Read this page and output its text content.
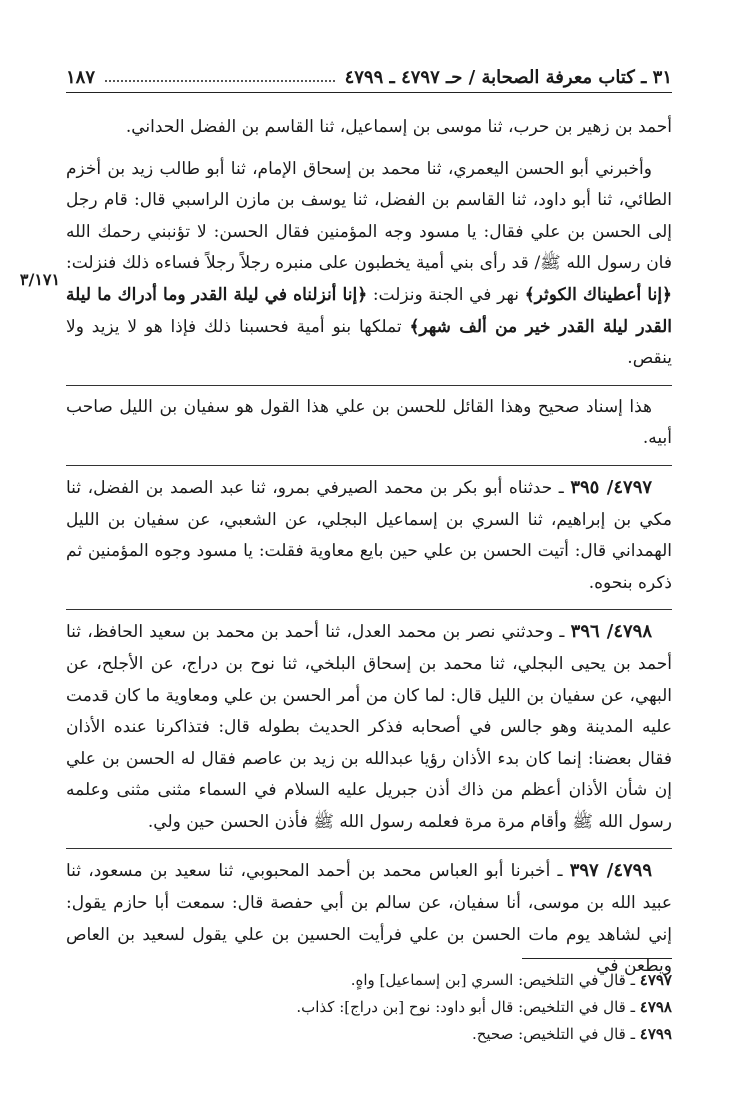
٣١ ـ كتاب معرفة الصحابة / حـ ٤٧٩٧ ـ ٤٧٩٩
١٨٧
٣/١٧١

أحمد بن زهير بن حرب، ثنا موسى بن إسماعيل، ثنا القاسم بن الفضل الحداني.

وأخبرني أبو الحسن اليعمري، ثنا محمد بن إسحاق الإمام، ثنا أبو طالب زيد بن أخزم الطائي، ثنا أبو داود، ثنا القاسم بن الفضل، ثنا يوسف بن مازن الراسبي قال: قام رجل إلى الحسن بن علي فقال: يا مسود وجه المؤمنين فقال الحسن: لا تؤنبني رحمك الله فان رسول الله ﷺ/ قد رأى بني أمية يخطبون على منبره رجلاً رجلاً فساءه ذلك فنزلت: ﴿إنا أعطيناك الكوثر﴾ نهر في الجنة ونزلت: ﴿إنا أنزلناه في ليلة القدر وما أدراك ما ليلة القدر ليلة القدر خير من ألف شهر﴾ تملكها بنو أمية فحسبنا ذلك فإذا هو لا يزيد ولا ينقص.

هذا إسناد صحيح وهذا القائل للحسن بن علي هذا القول هو سفيان بن الليل صاحب أبيه.

٤٧٩٧/ ٣٩٥ ـ حدثناه أبو بكر بن محمد الصيرفي بمرو، ثنا عبد الصمد بن الفضل، ثنا مكي بن إبراهيم، ثنا السري بن إسماعيل البجلي، عن الشعبي، عن سفيان بن الليل الهمداني قال: أتيت الحسن بن علي حين بايع معاوية فقلت: يا مسود وجوه المؤمنين ثم ذكره بنحوه.

٤٧٩٨/ ٣٩٦ ـ وحدثني نصر بن محمد العدل، ثنا أحمد بن محمد بن سعيد الحافظ، ثنا أحمد بن يحيى البجلي، ثنا محمد بن إسحاق البلخي، ثنا نوح بن دراج، عن الأجلح، عن البهي، عن سفيان بن الليل قال: لما كان من أمر الحسن بن علي ومعاوية ما كان قدمت عليه المدينة وهو جالس في أصحابه فذكر الحديث بطوله قال: فتذاكرنا عنده الأذان فقال بعضنا: إنما كان بدء الأذان رؤيا عبدالله بن زيد بن عاصم فقال له الحسن بن علي إن شأن الأذان أعظم من ذاك أذن جبريل عليه السلام في السماء مثنى مثنى وعلمه رسول الله ﷺ وأقام مرة مرة فعلمه رسول الله ﷺ فأذن الحسن حين ولي.

٤٧٩٩/ ٣٩٧ ـ أخبرنا أبو العباس محمد بن أحمد المحبوبي، ثنا سعيد بن مسعود، ثنا عبيد الله بن موسى، أنا سفيان، عن سالم بن أبي حفصة قال: سمعت أبا حازم يقول: إني لشاهد يوم مات الحسن بن علي فرأيت الحسين بن علي يقول لسعيد بن العاص ويطعن في

٤٧٩٧ ـ قال في التلخيص: السري [بن إسماعيل] واهٍ.

٤٧٩٨ ـ قال في التلخيص: قال أبو داود: نوح [بن دراج]: كذاب.

٤٧٩٩ ـ قال في التلخيص: صحيح.
